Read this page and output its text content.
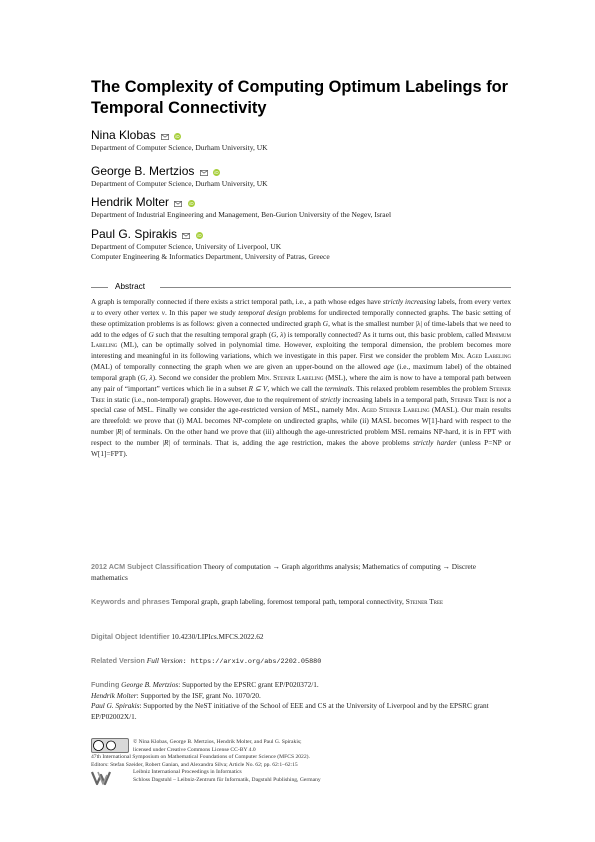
The Complexity of Computing Optimum Labelings for Temporal Connectivity
Nina Klobas	iD
Department of Computer Science, Durham University, UK
George B. Mertzios	iD
Department of Computer Science, Durham University, UK
Hendrik Molter	iD
Department of Industrial Engineering and Management, Ben-Gurion University of the Negev, Israel
Paul G. Spirakis	iD
Department of Computer Science, University of Liverpool, UK
Computer Engineering & Informatics Department, University of Patras, Greece
Abstract

A graph is temporally connected if there exists a strict temporal path, i.e., a path whose edges have strictly increasing labels, from every vertex u to every other vertex v. In this paper we study temporal design problems for undirected temporally connected graphs. The basic setting of these optimization problems is as follows: given a connected undirected graph G, what is the smallest number |λ| of time-labels that we need to add to the edges of G such that the resulting temporal graph (G, λ) is temporally connected? As it turns out, this basic problem, called Minimum Labeling (ML), can be optimally solved in polynomial time. However, exploiting the temporal dimension, the problem becomes more interesting and meaningful in its following variations, which we investigate in this paper. First we consider the problem Min. Aged Labeling (MAL) of temporally connecting the graph when we are given an upper-bound on the allowed age (i.e., maximum label) of the obtained temporal graph (G, λ). Second we consider the problem Min. Steiner Labeling (MSL), where the aim is now to have a temporal path between any pair of “important” vertices which lie in a subset R ⊆ V, which we call the terminals. This relaxed problem resembles the problem Steiner Tree in static (i.e., non-temporal) graphs. However, due to the requirement of strictly increasing labels in a temporal path, Steiner Tree is not a special case of MSL. Finally we consider the age-restricted version of MSL, namely Min. Aged Steiner Labeling (MASL). Our main results are threefold: we prove that (i) MAL becomes NP-complete on undirected graphs, while (ii) MASL becomes W[1]-hard with respect to the number |R| of terminals. On the other hand we prove that (iii) although the age-unrestricted problem MSL remains NP-hard, it is in FPT with respect to the number |R| of terminals. That is, adding the age restriction, makes the above problems strictly harder (unless P=NP or W[1]=FPT).

2012 ACM Subject Classification Theory of computation → Graph algorithms analysis; Mathematics of computing → Discrete mathematics
Keywords and phrases Temporal graph, graph labeling, foremost temporal path, temporal connectivity, Steiner Tree
Digital Object Identifier 10.4230/LIPIcs.MFCS.2022.62
Related Version Full Version: https://arxiv.org/abs/2202.05880
Funding George B. Mertzios: Supported by the EPSRC grant EP/P020372/1.
Hendrik Molter: Supported by the ISF, grant No. 1070/20.
Paul G. Spirakis: Supported by the NeST initiative of the School of EEE and CS at the University of Liverpool and by the EPSRC grant EP/P02002X/1.
© Nina Klobas, George B. Mertzios, Hendrik Molter, and Paul G. Spirakis;
licensed under Creative Commons License CC-BY 4.0
47th International Symposium on Mathematical Foundations of Computer Science (MFCS 2022).
Editors: Stefan Szeider, Robert Ganian, and Alexandra Silva; Article No. 62; pp. 62:1–62:15
Leibniz International Proceedings in Informatics
Schloss Dagstuhl – Leibniz-Zentrum für Informatik, Dagstuhl Publishing, Germany
